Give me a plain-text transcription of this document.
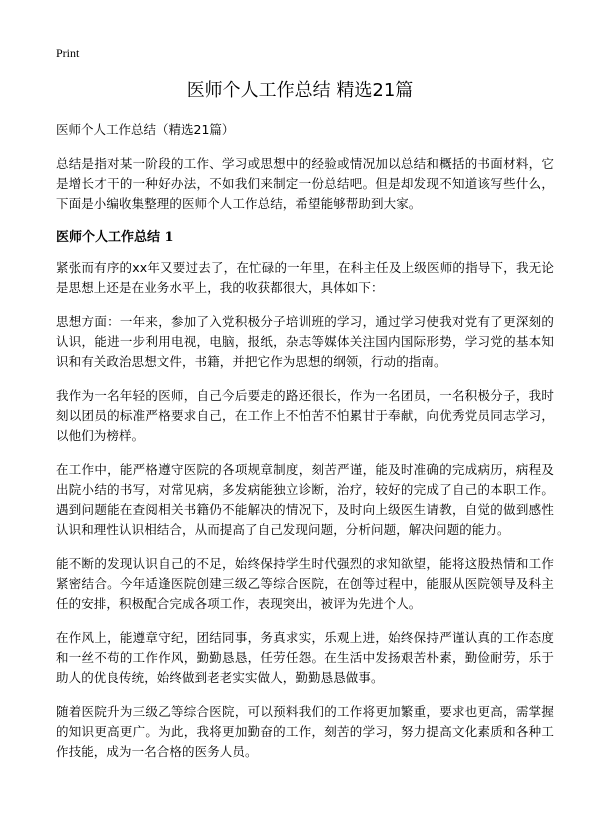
Print
医师个人工作总结 精选21篇

医师个人工作总结（精选21篇）

总结是指对某一阶段的工作、学习或思想中的经验或情况加以总结和概括的书面材料，它是增长才干的一种好办法，不如我们来制定一份总结吧。但是却发现不知道该写些什么，下面是小编收集整理的医师个人工作总结，希望能够帮助到大家。

医师个人工作总结 1

紧张而有序的xx年又要过去了，在忙碌的一年里，在科主任及上级医师的指导下，我无论是思想上还是在业务水平上，我的收获都很大，具体如下：

思想方面：一年来，参加了入党积极分子培训班的学习，通过学习使我对党有了更深刻的认识，能进一步利用电视，电脑，报纸，杂志等媒体关注国内国际形势，学习党的基本知识和有关政治思想文件，书籍，并把它作为思想的纲领，行动的指南。

我作为一名年轻的医师，自己今后要走的路还很长，作为一名团员，一名积极分子，我时刻以团员的标准严格要求自己，在工作上不怕苦不怕累甘于奉献，向优秀党员同志学习，以他们为榜样。

在工作中，能严格遵守医院的各项规章制度，刻苦严谨，能及时准确的完成病历，病程及出院小结的书写，对常见病，多发病能独立诊断，治疗，较好的完成了自己的本职工作。遇到问题能在查阅相关书籍仍不能解决的情况下，及时向上级医生请教，自觉的做到感性认识和理性认识相结合，从而提高了自己发现问题，分析问题，解决问题的能力。

能不断的发现认识自己的不足，始终保持学生时代强烈的求知欲望，能将这股热情和工作紧密结合。今年适逢医院创建三级乙等综合医院，在创等过程中，能服从医院领导及科主任的安排，积极配合完成各项工作，表现突出，被评为先进个人。

在作风上，能遵章守纪，团结同事，务真求实，乐观上进，始终保持严谨认真的工作态度和一丝不苟的工作作风，勤勤恳恳，任劳任怨。在生活中发扬艰苦朴素，勤俭耐劳，乐于助人的优良传统，始终做到老老实实做人，勤勤恳恳做事。

随着医院升为三级乙等综合医院，可以预料我们的工作将更加繁重，要求也更高，需掌握的知识更高更广。为此，我将更加勤奋的工作，刻苦的学习，努力提高文化素质和各种工作技能，成为一名合格的医务人员。
